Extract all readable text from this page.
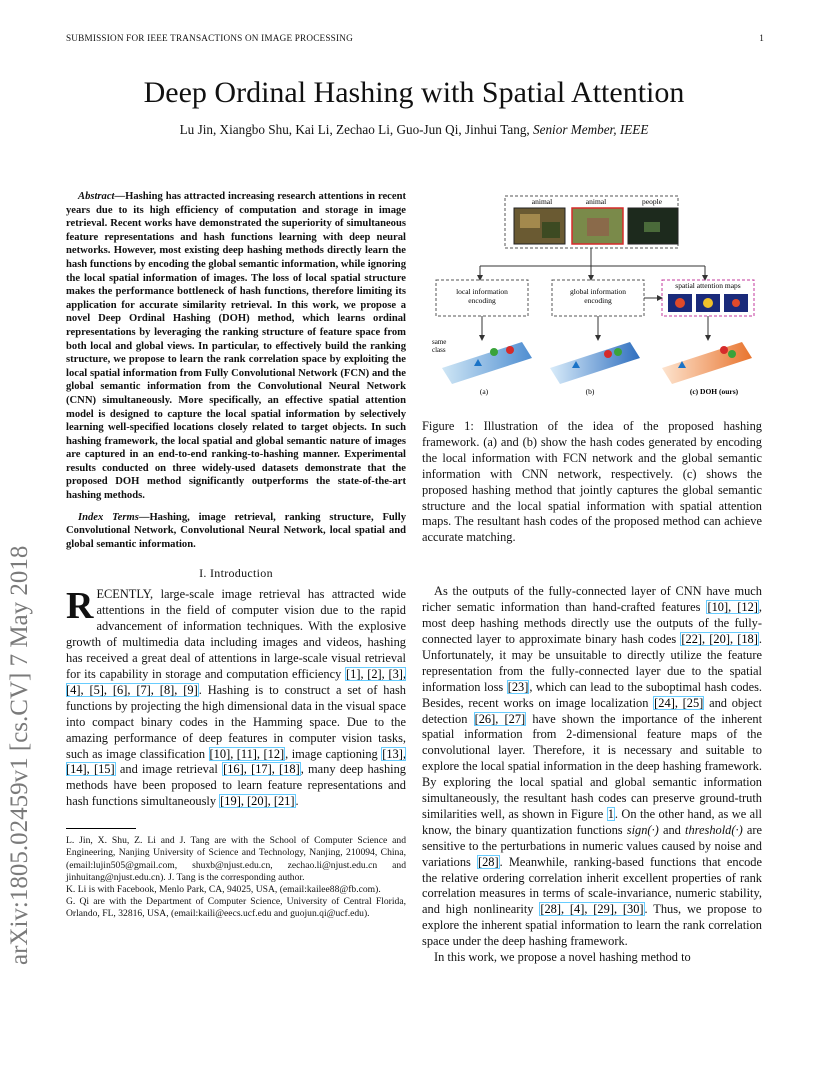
SUBMISSION FOR IEEE TRANSACTIONS ON IMAGE PROCESSING	1
Deep Ordinal Hashing with Spatial Attention
Lu Jin, Xiangbo Shu, Kai Li, Zechao Li, Guo-Jun Qi, Jinhui Tang, Senior Member, IEEE
arXiv:1805.02459v1 [cs.CV] 7 May 2018

Abstract—Hashing has attracted increasing research attentions in recent years due to its high efficiency of computation and storage in image retrieval. Recent works have demonstrated the superiority of simultaneous feature representations and hash functions learning with deep neural networks. However, most existing deep hashing methods directly learn the hash functions by encoding the global semantic information, while ignoring the local spatial information of images. The loss of local spatial structure makes the performance bottleneck of hash functions, therefore limiting its application for accurate similarity retrieval. In this work, we propose a novel Deep Ordinal Hashing (DOH) method, which learns ordinal representations by leveraging the ranking structure of feature space from both local and global views. In particular, to effectively build the ranking structure, we propose to learn the rank correlation space by exploiting the local spatial information from Fully Convolutional Network (FCN) and the global semantic information from the Convolutional Neural Network (CNN) simultaneously. More specifically, an effective spatial attention model is designed to capture the local spatial information by selectively learning well-specified locations closely related to target objects. In such hashing framework, the local spatial and global semantic nature of images are captured in an end-to-end ranking-to-hashing manner. Experimental results conducted on three widely-used datasets demonstrate that the proposed DOH method significantly outperforms the state-of-the-art hashing methods.

Index Terms—Hashing, image retrieval, ranking structure, Fully Convolutional Network, Convolutional Neural Network, local spatial and global semantic information.

I. Introduction

RECENTLY, large-scale image retrieval has attracted wide attentions in the field of computer vision due to the rapid advancement of information techniques. With the explosive growth of multimedia data including images and videos, hashing has received a great deal of attentions in large-scale visual retrieval for its capability in storage and computation efficiency [1], [2], [3], [4], [5], [6], [7], [8], [9]. Hashing is to construct a set of hash functions by projecting the high dimensional data in the visual space into compact binary codes in the Hamming space. Due to the amazing performance of deep features in computer vision tasks, such as image classification [10], [11], [12], image captioning [13], [14], [15] and image retrieval [16], [17], [18], many deep hashing methods have been proposed to learn feature representations and hash functions simultaneously [19], [20], [21].

L. Jin, X. Shu, Z. Li and J. Tang are with the School of Computer Science and Engineering, Nanjing University of Science and Technology, Nanjing, 210094, China, (email:lujin505@gmail.com, shuxb@njust.edu.cn, zechao.li@njust.edu.cn and jinhuitang@njust.edu.cn). J. Tang is the corresponding author.

K. Li is with Facebook, Menlo Park, CA, 94025, USA, (email:kailee88@fb.com).

G. Qi are with the Department of Computer Science, University of Central Florida, Orlando, FL, 32816, USA, (email:kaili@eecs.ucf.edu and guojun.qi@ucf.edu).

animal	animal	people
local information
encoding
global information
encoding
spatial attention maps
same
class
(a)	(b)	(c) DOH (ours)
Figure 1: Illustration of the idea of the proposed hashing framework. (a) and (b) show the hash codes generated by encoding the local information with FCN network and the global semantic information with CNN network, respectively. (c) shows the proposed hashing method that jointly captures the global semantic structure and the local spatial information with spatial attention maps. The resultant hash codes of the proposed method can achieve accurate matching.

As the outputs of the fully-connected layer of CNN have much richer sematic information than hand-crafted features [10], [12], most deep hashing methods directly use the outputs of the fully-connected layer to approximate binary hash codes [22], [20], [18]. Unfortunately, it may be unsuitable to directly utilize the feature representation from the fully-connected layer due to the spatial information loss [23], which can lead to the suboptimal hash codes. Besides, recent works on image localization [24], [25] and object detection [26], [27] have shown the importance of the inherent spatial information from 2-dimensional feature maps of the convolutional layer. Therefore, it is necessary and suitable to explore the local spatial information in the deep hashing framework. By exploring the local spatial and global semantic information simultaneously, the resultant hash codes can preserve ground-truth similarities well, as shown in Figure 1. On the other hand, as we all know, the binary quantization functions sign(·) and threshold(·) are sensitive to the perturbations in numeric values caused by noise and variations [28]. Meanwhile, ranking-based functions that encode the relative ordering correlation inherit excellent properties of rank correlation measures in terms of scale-invariance, numeric stability, and high nonlinearity [28], [4], [29], [30]. Thus, we propose to explore the inherent spatial information to learn the rank correlation space under the deep hashing framework.

In this work, we propose a novel hashing method to
